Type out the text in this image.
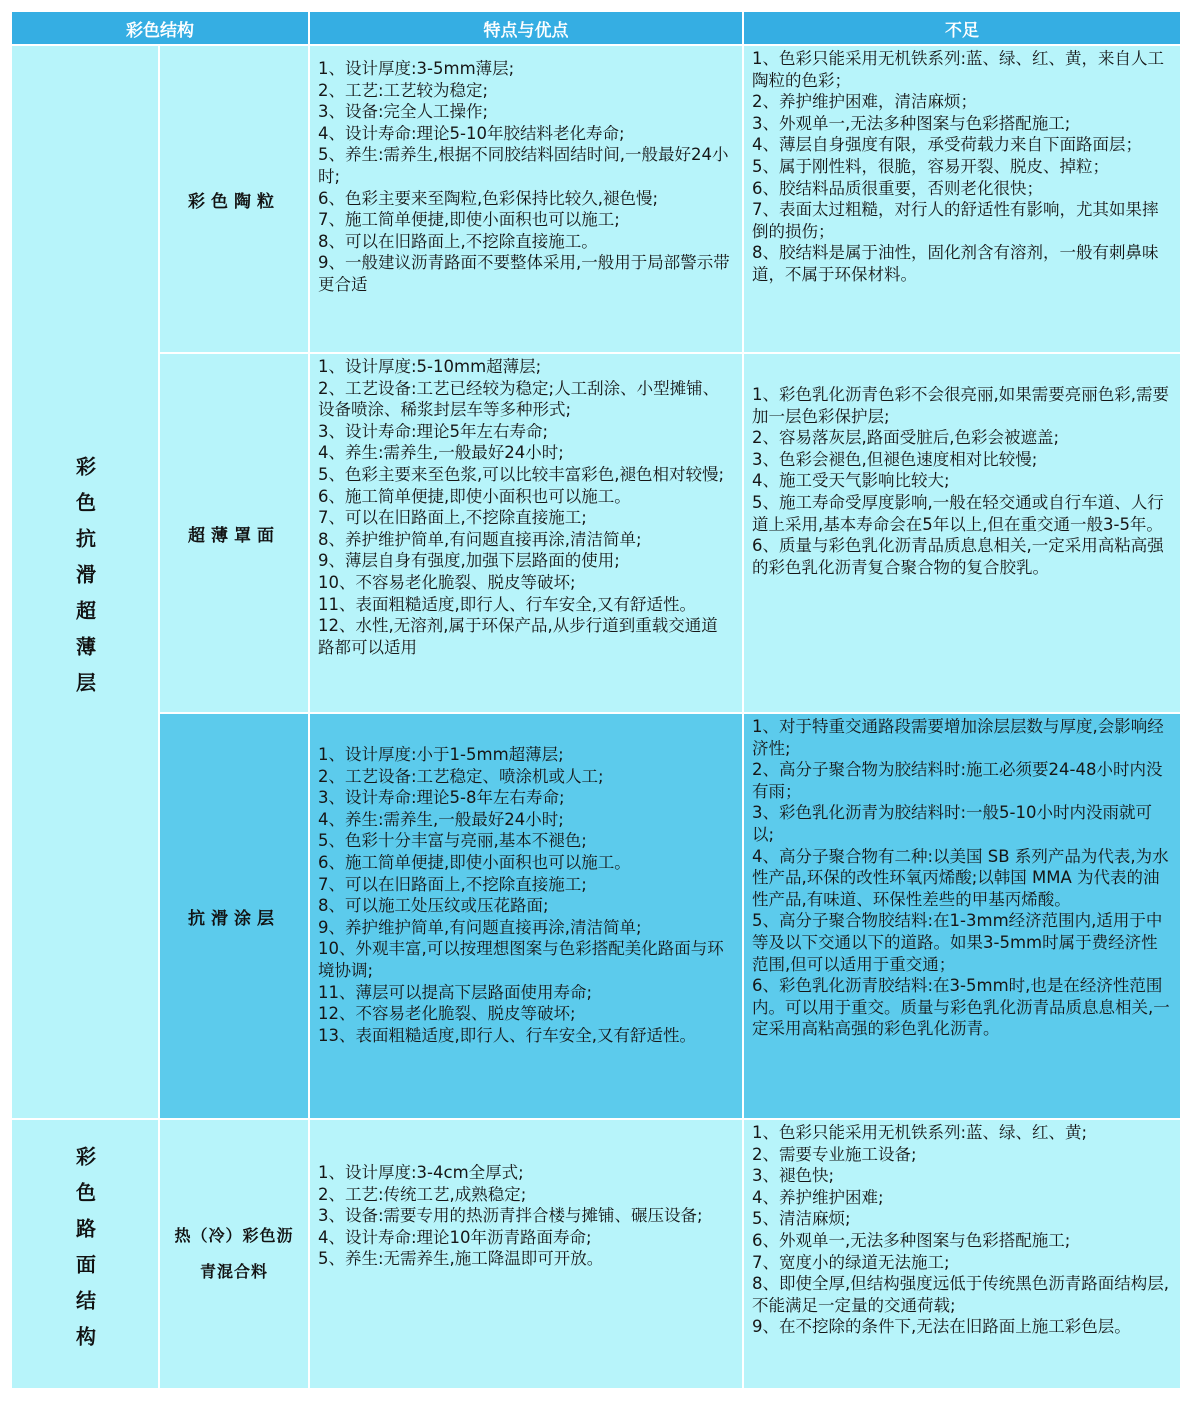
彩色结构	特点与优点	不足
彩色抗滑超薄层
彩色路面结构
彩色陶粒
1、设计厚度:3-5mm薄层;
2、工艺:工艺较为稳定;
3、设备:完全人工操作;
4、设计寿命:理论5-10年胶结料老化寿命;
5、养生:需养生,根据不同胶结料固结时间,一般最好24小时;
6、色彩主要来至陶粒,色彩保持比较久,褪色慢;
7、施工简单便捷,即使小面积也可以施工;
8、可以在旧路面上,不挖除直接施工。
9、一般建议沥青路面不要整体采用,一般用于局部警示带更合适
1、色彩只能采用无机铁系列:蓝、绿、红、黄，来自人工陶粒的色彩；
2、养护维护困难，清洁麻烦；
3、外观单一,无法多种图案与色彩搭配施工;
4、薄层自身强度有限，承受荷载力来自下面路面层；
5、属于刚性料，很脆，容易开裂、脱皮、掉粒；
6、胶结料品质很重要，否则老化很快；
7、表面太过粗糙，对行人的舒适性有影响，尤其如果摔倒的损伤；
8、胶结料是属于油性，固化剂含有溶剂，一般有刺鼻味道，不属于环保材料。
超薄罩面
1、设计厚度:5-10mm超薄层;
2、工艺设备:工艺已经较为稳定;人工刮涂、小型摊铺、设备喷涂、稀浆封层车等多种形式;
3、设计寿命:理论5年左右寿命;
4、养生:需养生,一般最好24小时;
5、色彩主要来至色浆,可以比较丰富彩色,褪色相对较慢;
6、施工简单便捷,即使小面积也可以施工。
7、可以在旧路面上,不挖除直接施工;
8、养护维护简单,有问题直接再涂,清洁简单;
9、薄层自身有强度,加强下层路面的使用;
10、不容易老化脆裂、脱皮等破坏;
11、表面粗糙适度,即行人、行车安全,又有舒适性。
12、水性,无溶剂,属于环保产品,从步行道到重载交通道路都可以适用
1、彩色乳化沥青色彩不会很亮丽,如果需要亮丽色彩,需要加一层色彩保护层;
2、容易落灰层,路面受脏后,色彩会被遮盖;
3、色彩会褪色,但褪色速度相对比较慢;
4、施工受天气影响比较大;
5、施工寿命受厚度影响,一般在轻交通或自行车道、人行道上采用,基本寿命会在5年以上,但在重交通一般3-5年。
6、质量与彩色乳化沥青品质息息相关,一定采用高粘高强的彩色乳化沥青复合聚合物的复合胶乳。
抗滑涂层
1、设计厚度:小于1-5mm超薄层;
2、工艺设备:工艺稳定、喷涂机或人工;
3、设计寿命:理论5-8年左右寿命;
4、养生:需养生,一般最好24小时;
5、色彩十分丰富与亮丽,基本不褪色;
6、施工简单便捷,即使小面积也可以施工。
7、可以在旧路面上,不挖除直接施工;
8、可以施工处压纹或压花路面;
9、养护维护简单,有问题直接再涂,清洁简单;
10、外观丰富,可以按理想图案与色彩搭配美化路面与环境协调;
11、薄层可以提高下层路面使用寿命;
12、不容易老化脆裂、脱皮等破坏;
13、表面粗糙适度,即行人、行车安全,又有舒适性。
1、对于特重交通路段需要增加涂层层数与厚度,会影响经济性;
2、高分子聚合物为胶结料时:施工必须要24-48小时内没有雨；
3、彩色乳化沥青为胶结料时:一般5-10小时内没雨就可以;
4、高分子聚合物有二种:以美国 SB 系列产品为代表,为水性产品,环保的改性环氧丙烯酸;以韩国 MMA 为代表的油性产品,有味道、环保性差些的甲基丙烯酸。
5、高分子聚合物胶结料:在1-3mm经济范围内,适用于中等及以下交通以下的道路。如果3-5mm时属于费经济性范围,但可以适用于重交通；
6、彩色乳化沥青胶结料:在3-5mm时,也是在经济性范围内。可以用于重交。质量与彩色乳化沥青品质息息相关,一定采用高粘高强的彩色乳化沥青。
热（冷）彩色沥青混合料
1、设计厚度:3-4cm全厚式;
2、工艺:传统工艺,成熟稳定;
3、设备:需要专用的热沥青拌合楼与摊铺、碾压设备;
4、设计寿命:理论10年沥青路面寿命;
5、养生:无需养生,施工降温即可开放。
1、色彩只能采用无机铁系列:蓝、绿、红、黄;
2、需要专业施工设备;
3、褪色快;
4、养护维护困难;
5、清洁麻烦;
6、外观单一,无法多种图案与色彩搭配施工;
7、宽度小的绿道无法施工;
8、即使全厚,但结构强度远低于传统黑色沥青路面结构层,不能满足一定量的交通荷载;
9、在不挖除的条件下,无法在旧路面上施工彩色层。
